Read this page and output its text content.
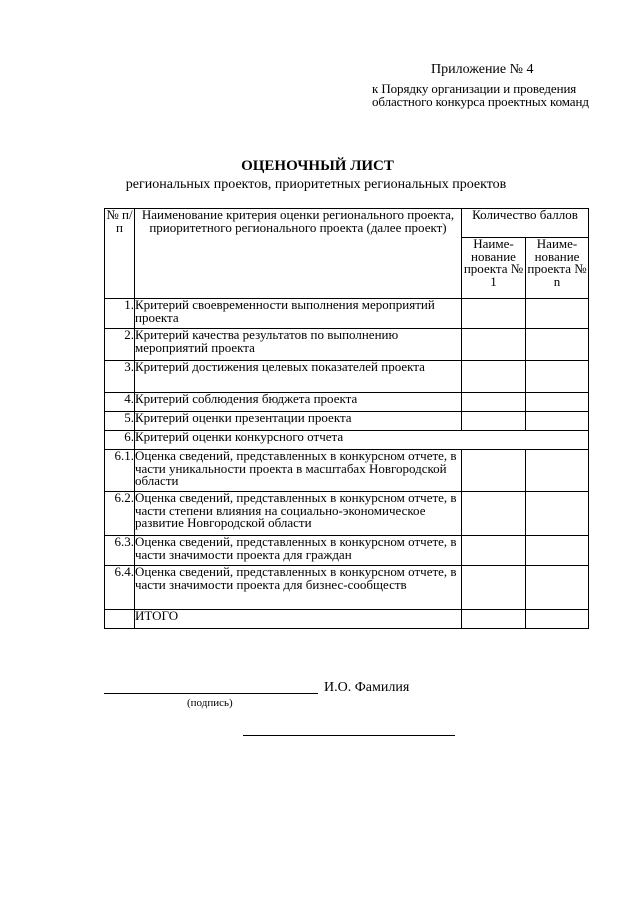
Приложение № 4
к Порядку организации и проведения областного конкурса проектных команд
ОЦЕНОЧНЫЙ ЛИСТ
региональных проектов, приоритетных региональных проектов
№ п/п	Наименование критерия оценки регионального проекта, приоритетного регионального проекта (далее проект)	Количество баллов	
		Наиме-нование проекта № 1	Наиме-нование проекта № n
1.	Критерий своевременности выполнения мероприятий проекта		
2.	Критерий качества результатов по выполнению мероприятий проекта		
3.	Критерий достижения целевых показателей проекта		
4.	Критерий соблюдения бюджета проекта		
5.	Критерий оценки презентации проекта		
6.	Критерий оценки конкурсного отчета		
6.1.	Оценка сведений, представленных в конкурсном отчете, в части уникальности проекта в масштабах Новгородской области		
6.2.	Оценка сведений, представленных в конкурсном отчете, в части степени влияния на социально-экономическое развитие Новгородской области		
6.3.	Оценка сведений, представленных в конкурсном отчете, в части значимости проекта для граждан		
6.4.	Оценка сведений, представленных в конкурсном отчете, в части значимости проекта для бизнес-сообществ		
	ИТОГО		
И.О. Фамилия
(подпись)
